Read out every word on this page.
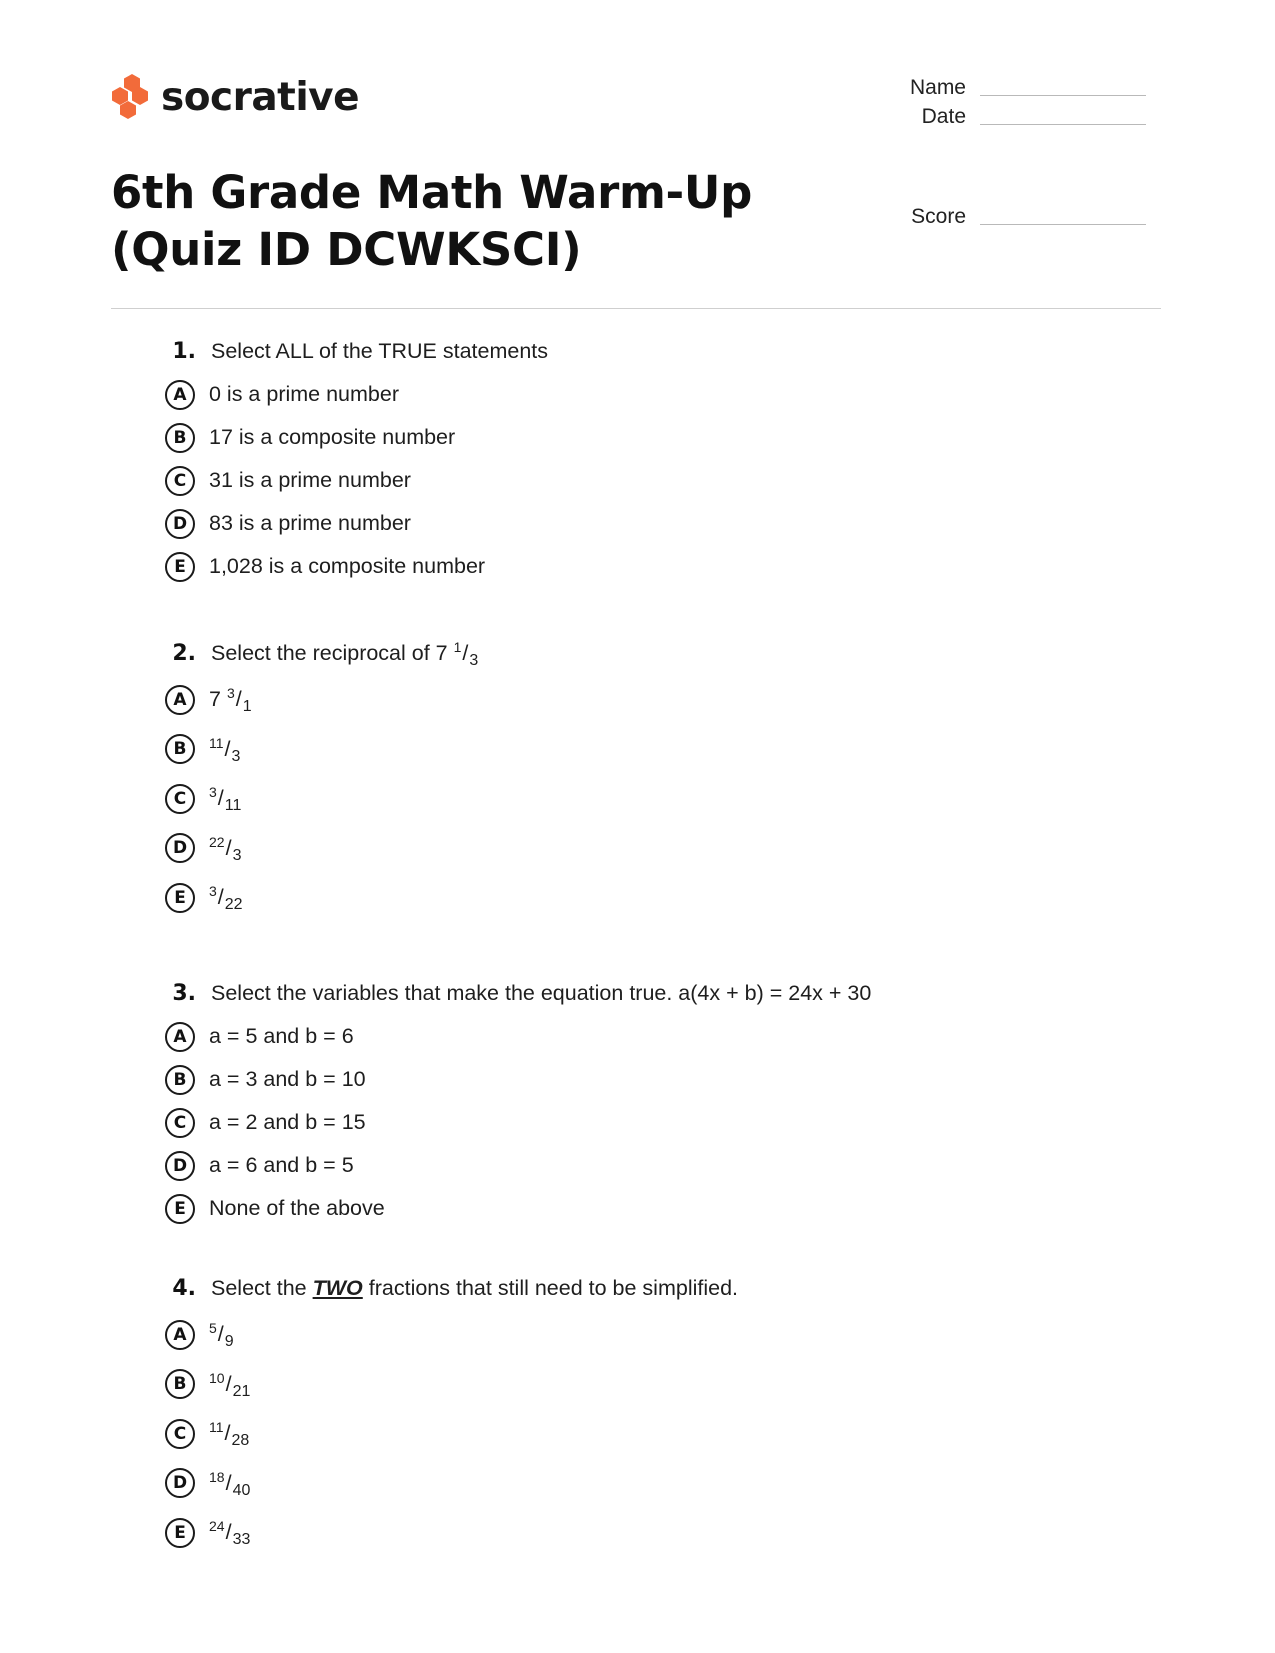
socrative
6th Grade Math Warm-Up (Quiz ID DCWKSCI)
Name
Date
Score
1. Select ALL of the TRUE statements
A	0 is a prime number
B	17 is a composite number
C	31 is a prime number
D	83 is a prime number
E	1,028 is a composite number
2. Select the reciprocal of 7 $^1/_3$
A	7 $^3/_1$
B	$^{11}/_3$
C	$^3/_{11}$
D	$^{22}/_3$
E	$^3/_{22}$
3. Select the variables that make the equation true. a(4x + b) = 24x + 30
A	a = 5 and b = 6
B	a = 3 and b = 10
C	a = 2 and b = 15
D	a = 6 and b = 5
E	None of the above
4. Select the TWO fractions that still need to be simplified.
A	$^5/_9$
B	$^{10}/_{21}$
C	$^{11}/_{28}$
D	$^{18}/_{40}$
E	$^{24}/_{33}$
